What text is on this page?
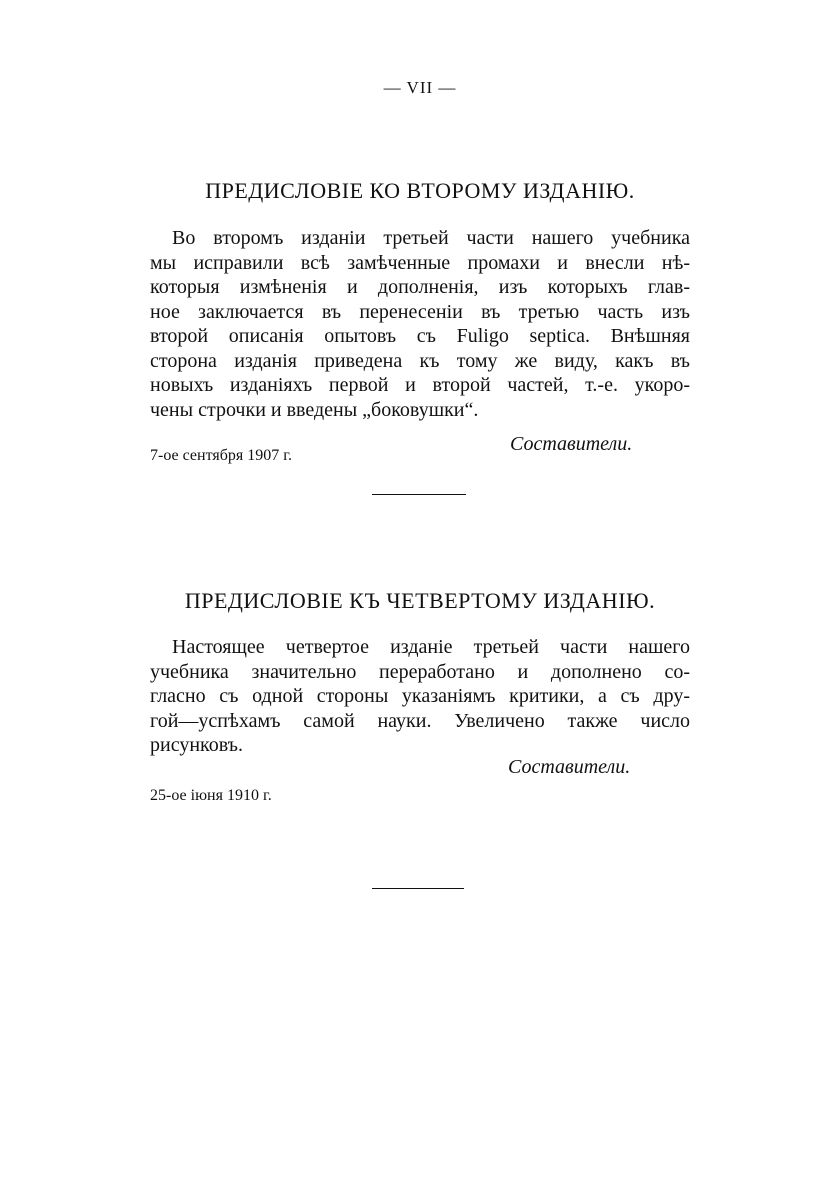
— VII —
ПРЕДИСЛОВІЕ КО ВТОРОМУ ИЗДАНІЮ.
Во второмъ изданіи третьей части нашего учебника
мы исправили всѣ замѣченные промахи и внесли нѣ-
которыя измѣненія и дополненія, изъ которыхъ глав-
ное заключается въ перенесеніи въ третью часть изъ
второй описанія опытовъ съ Fuligo septica. Внѣшняя
сторона изданія приведена къ тому же виду, какъ въ
новыхъ изданіяхъ первой и второй частей, т.-е. укоро-
чены строчки и введены „боковушки“.
Составители.
7-ое сентября 1907 г.
ПРЕДИСЛОВІЕ КЪ ЧЕТВЕРТОМУ ИЗДАНІЮ.
Настоящее четвертое изданіе третьей части нашего
учебника значительно переработано и дополнено со-
гласно съ одной стороны указаніямъ критики, а съ дру-
гой—успѣхамъ самой науки. Увеличено также число
рисунковъ.
Составители.
25-ое іюня 1910 г.
